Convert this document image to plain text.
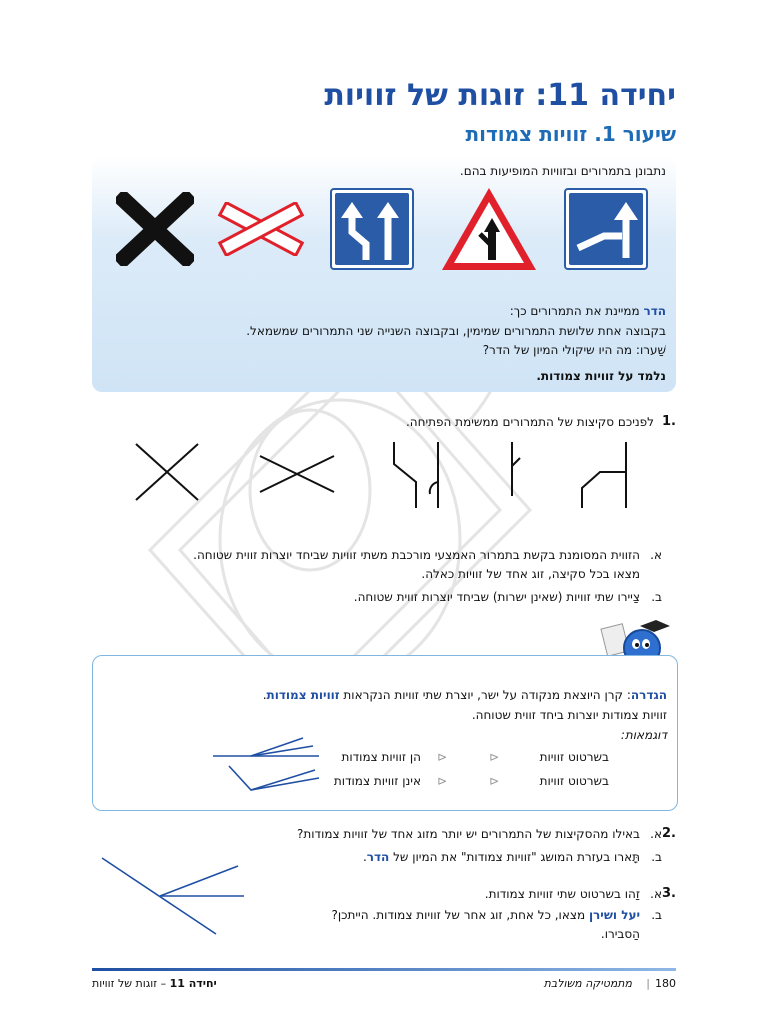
יחידה 11: זוגות של זוויות
שיעור 1. זוויות צמודות
נתבונן בתמרורים ובזוויות המופיעות בהם.
הדר ממיינת את התמרורים כך:
בקבוצה אחת שלושת התמרורים שמימין, ובקבוצה השנייה שני התמרורים שמשמאל.
שַׁערו: מה היו שיקולי המיון של הדר?
נלמד על זוויות צמודות.
.1
לפניכם סקיצות של התמרורים ממשימת הפתיחה.
א.הזווית המסומנת בקשת בתמרור האמצעי מורכבת משתי זוויות שביחד יוצרות זווית שטוחה.
מצאו בכל סקיצה, זוג אחד של זוויות כאלה.
ב.צַיירו שתי זוויות (שאינן ישרות) שביחד יוצרות זווית שטוחה.
הגדרה: קרן היוצאת מנקודה על ישר, יוצרת שתי זוויות הנקראות זוויות צמודות.
זוויות צמודות יוצרות ביחד זווית שטוחה.
דוגמאות:
בשרטוט זוויות
⊲
⊲
הן זוויות צמודות
בשרטוט זוויות
⊲
⊲
אינן זוויות צמודות
.2
א.באילו מהסקיצות של התמרורים יש יותר מזוג אחד של זוויות צמודות?
ב.תָּארו בעזרת המושג "זוויות צמודות" את המיון של הדר.
.3
א.זַהו בשרטוט שתי זוויות צמודות.
ב.יעל ושירן מצאו, כל אחת, זוג אחר של זוויות צמודות. הייתכן?
הַסבירו.
180
|
מתמטיקה משולבת
יחידה 11 – זוגות של זוויות
